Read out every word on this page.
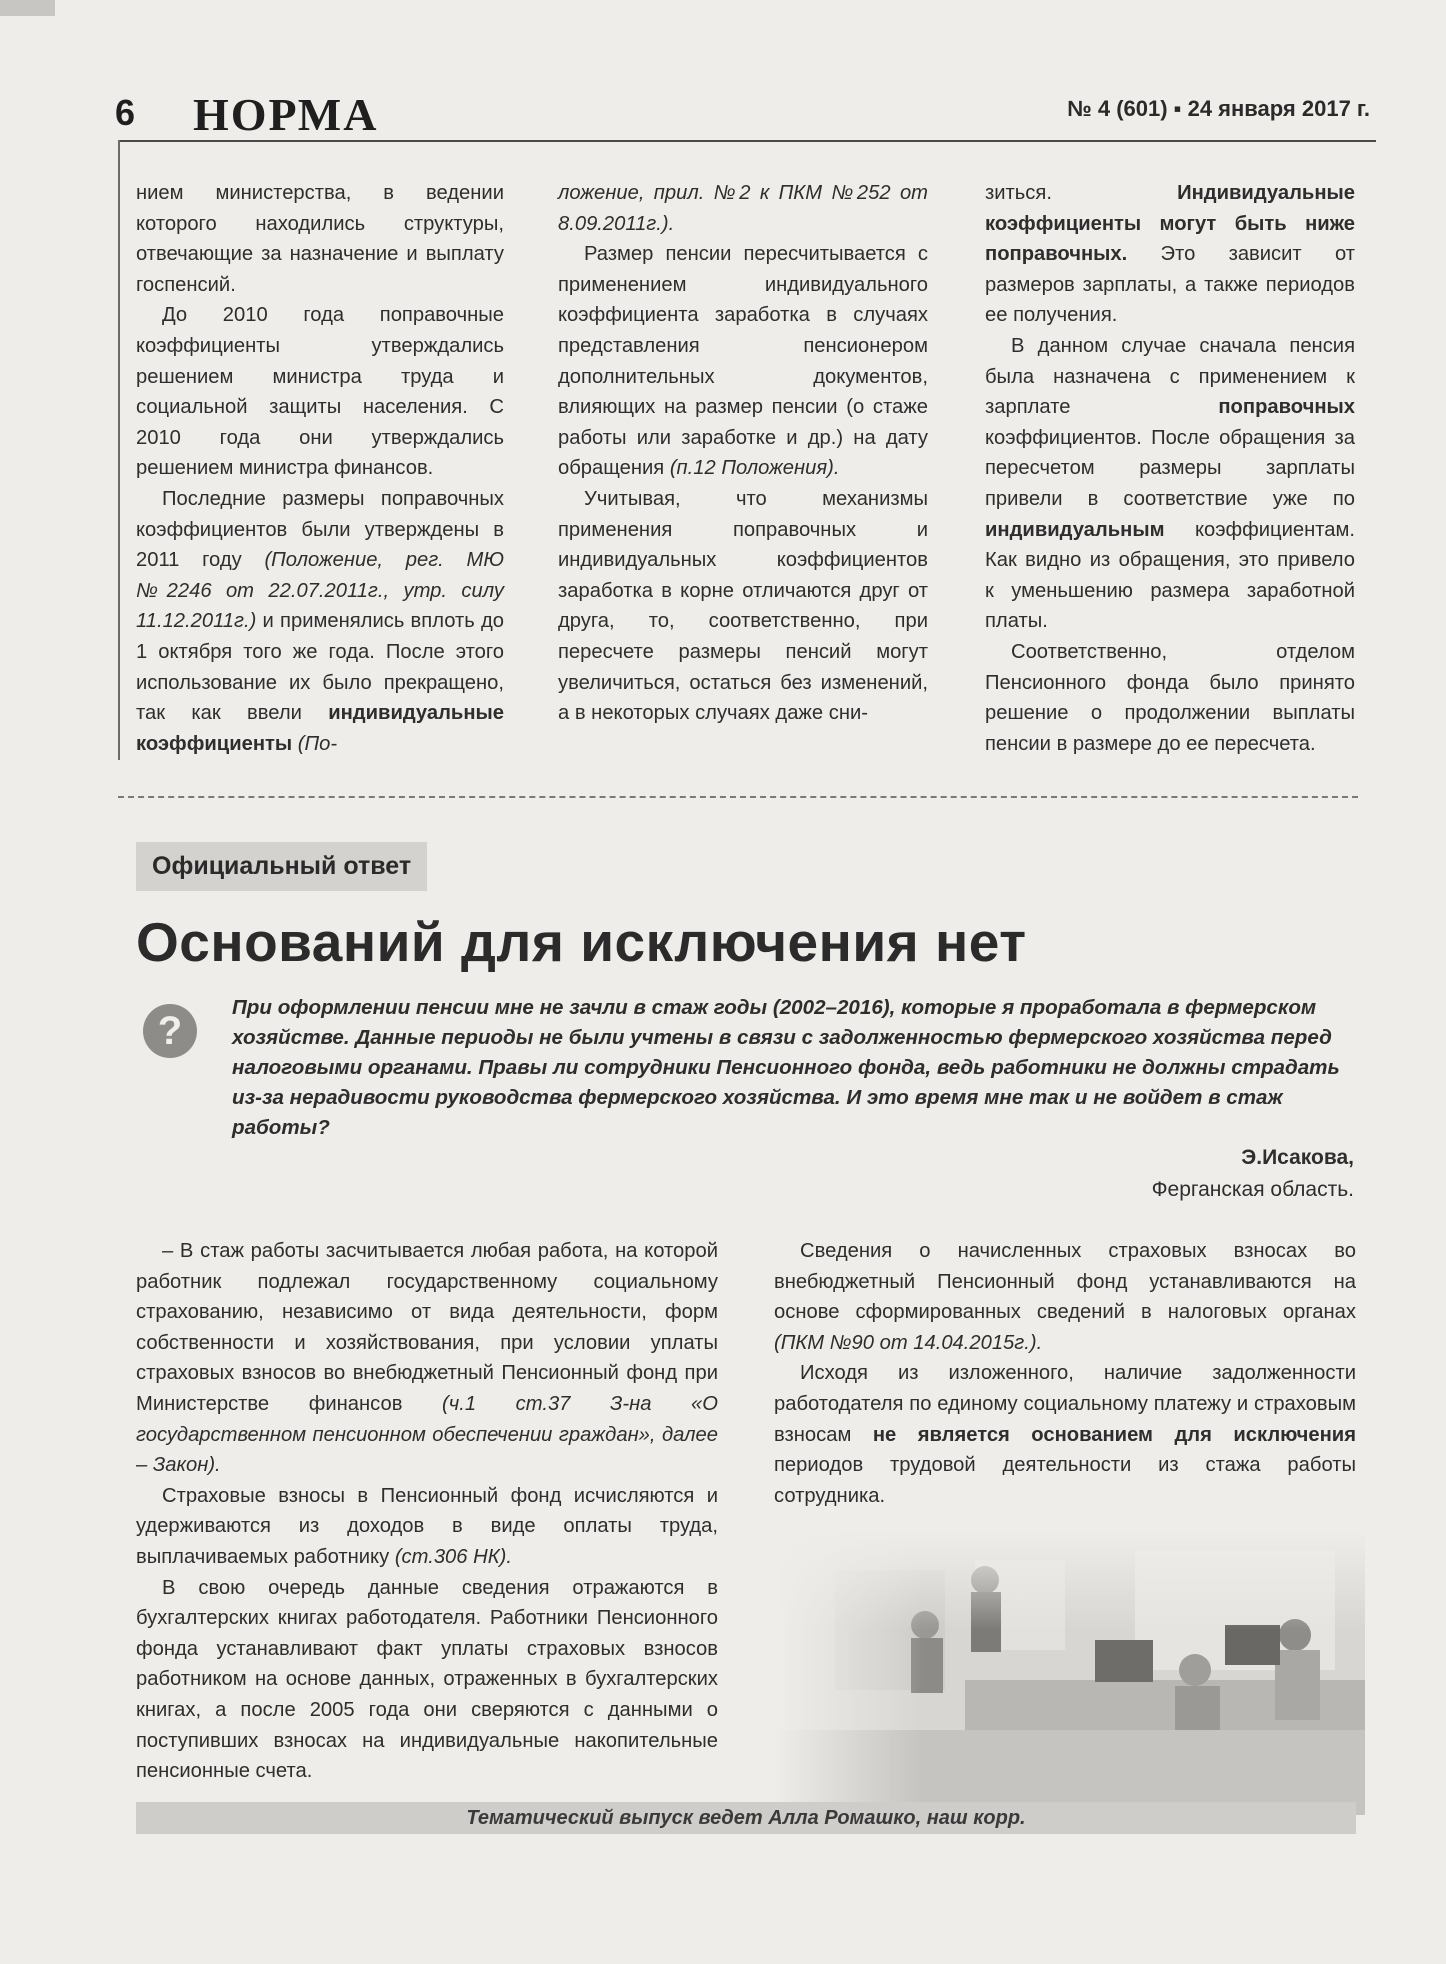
6 НОРМА	№ 4 (601) ▪ 24 января 2017 г.

нием министерства, в ведении которого находились структуры, отвечающие за назначение и выплату госпенсий.

До 2010 года поправочные коэффициенты утверждались решением министра труда и социальной защиты населения. С 2010 года они утверждались решением министра финансов.

Последние размеры поправочных коэффициентов были утверждены в 2011 году (Положение, рег. МЮ №2246 от 22.07.2011г., утр. силу 11.12.2011г.) и применялись вплоть до 1 октября того же года. После этого использование их было прекращено, так как ввели индивидуальные коэффициенты (По-

ложение, прил. №2 к ПКМ №252 от 8.09.2011г.).

Размер пенсии пересчитывается с применением индивидуального коэффициента заработка в случаях представления пенсионером дополнительных документов, влияющих на размер пенсии (о стаже работы или заработке и др.) на дату обращения (п.12 Положения).

Учитывая, что механизмы применения поправочных и индивидуальных коэффициентов заработка в корне отличаются друг от друга, то, соответственно, при пересчете размеры пенсий могут увеличиться, остаться без изменений, а в некоторых случаях даже сни-

зиться. Индивидуальные коэффициенты могут быть ниже поправочных. Это зависит от размеров зарплаты, а также периодов ее получения.

В данном случае сначала пенсия была назначена с применением к зарплате поправочных коэффициентов. После обращения за пересчетом размеры зарплаты привели в соответствие уже по индивидуальным коэффициентам. Как видно из обращения, это привело к уменьшению размера заработной платы.

Соответственно, отделом Пенсионного фонда было принято решение о продолжении выплаты пенсии в размере до ее пересчета.

Официальный ответ
Оснований для исключения нет
?
При оформлении пенсии мне не зачли в стаж годы (2002–2016), которые я проработала в фермерском хозяйстве. Данные периоды не были учтены в связи с задолженностью фермерского хозяйства перед налоговыми органами. Правы ли сотрудники Пенсионного фонда, ведь работники не должны страдать из-за нерадивости руководства фермерского хозяйства. И это время мне так и не войдет в стаж работы?
Э.Исакова,
Ферганская область.

– В стаж работы засчитывается любая работа, на которой работник подлежал государственному социальному страхованию, независимо от вида деятельности, форм собственности и хозяйствования, при условии уплаты страховых взносов во внебюджетный Пенсионный фонд при Министерстве финансов (ч.1 ст.37 З-на «О государственном пенсионном обеспечении граждан», далее – Закон).

Страховые взносы в Пенсионный фонд исчисляются и удерживаются из доходов в виде оплаты труда, выплачиваемых работнику (ст.306 НК).

В свою очередь данные сведения отражаются в бухгалтерских книгах работодателя. Работники Пенсионного фонда устанавливают факт уплаты страховых взносов работником на основе данных, отраженных в бухгалтерских книгах, а после 2005 года они сверяются с данными о поступивших взносах на индивидуальные накопительные пенсионные счета.

Сведения о начисленных страховых взносах во внебюджетный Пенсионный фонд устанавливаются на основе сформированных сведений в налоговых органах (ПКМ №90 от 14.04.2015г.).

Исходя из изложенного, наличие задолженности работодателя по единому социальному платежу и страховым взносам не является основанием для исключения периодов трудовой деятельности из стажа работы сотрудника.

Тематический выпуск ведет Алла Ромашко, наш корр.
